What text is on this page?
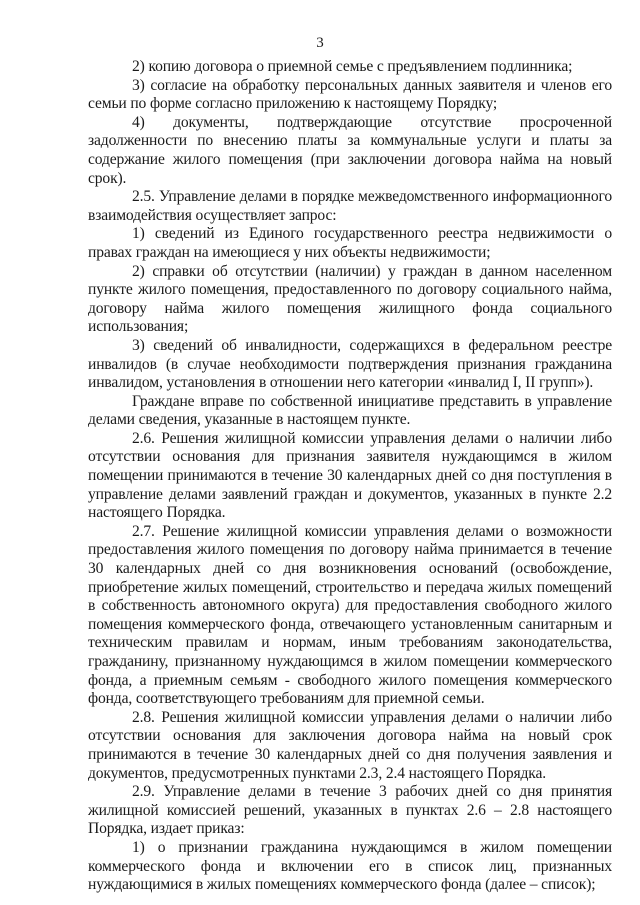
3

2) копию договора о приемной семье с предъявлением подлинника;

3) согласие на обработку персональных данных заявителя и членов его семьи по форме согласно приложению к настоящему Порядку;

4) документы, подтверждающие отсутствие просроченной задолженности по внесению платы за коммунальные услуги и платы за содержание жилого помещения (при заключении договора найма на новый срок).

2.5. Управление делами в порядке межведомственного информационного взаимодействия осуществляет запрос:

1) сведений из Единого государственного реестра недвижимости о правах граждан на имеющиеся у них объекты недвижимости;

2) справки об отсутствии (наличии) у граждан в данном населенном пункте жилого помещения, предоставленного по договору социального найма, договору найма жилого помещения жилищного фонда социального использования;

3) сведений об инвалидности, содержащихся в федеральном реестре инвалидов (в случае необходимости подтверждения признания гражданина инвалидом, установления в отношении него категории «инвалид I, II групп»).

Граждане вправе по собственной инициативе представить в управление делами сведения, указанные в настоящем пункте.

2.6. Решения жилищной комиссии управления делами о наличии либо отсутствии основания для признания заявителя нуждающимся в жилом помещении принимаются в течение 30 календарных дней со дня поступления в управление делами заявлений граждан и документов, указанных в пункте 2.2 настоящего Порядка.

2.7. Решение жилищной комиссии управления делами о возможности предоставления жилого помещения по договору найма принимается в течение 30 календарных дней со дня возникновения оснований (освобождение, приобретение жилых помещений, строительство и передача жилых помещений в собственность автономного округа) для предоставления свободного жилого помещения коммерческого фонда, отвечающего установленным санитарным и техническим правилам и нормам, иным требованиям законодательства, гражданину, признанному нуждающимся в жилом помещении коммерческого фонда, а приемным семьям - свободного жилого помещения коммерческого фонда, соответствующего требованиям для приемной семьи.

2.8. Решения жилищной комиссии управления делами о наличии либо отсутствии основания для заключения договора найма на новый срок принимаются в течение 30 календарных дней со дня получения заявления и документов, предусмотренных пунктами 2.3, 2.4 настоящего Порядка.

2.9. Управление делами в течение 3 рабочих дней со дня принятия жилищной комиссией решений, указанных в пунктах 2.6 – 2.8 настоящего Порядка, издает приказ:

1) о признании гражданина нуждающимся в жилом помещении коммерческого фонда и включении его в список лиц, признанных нуждающимися в жилых помещениях коммерческого фонда (далее – список);
